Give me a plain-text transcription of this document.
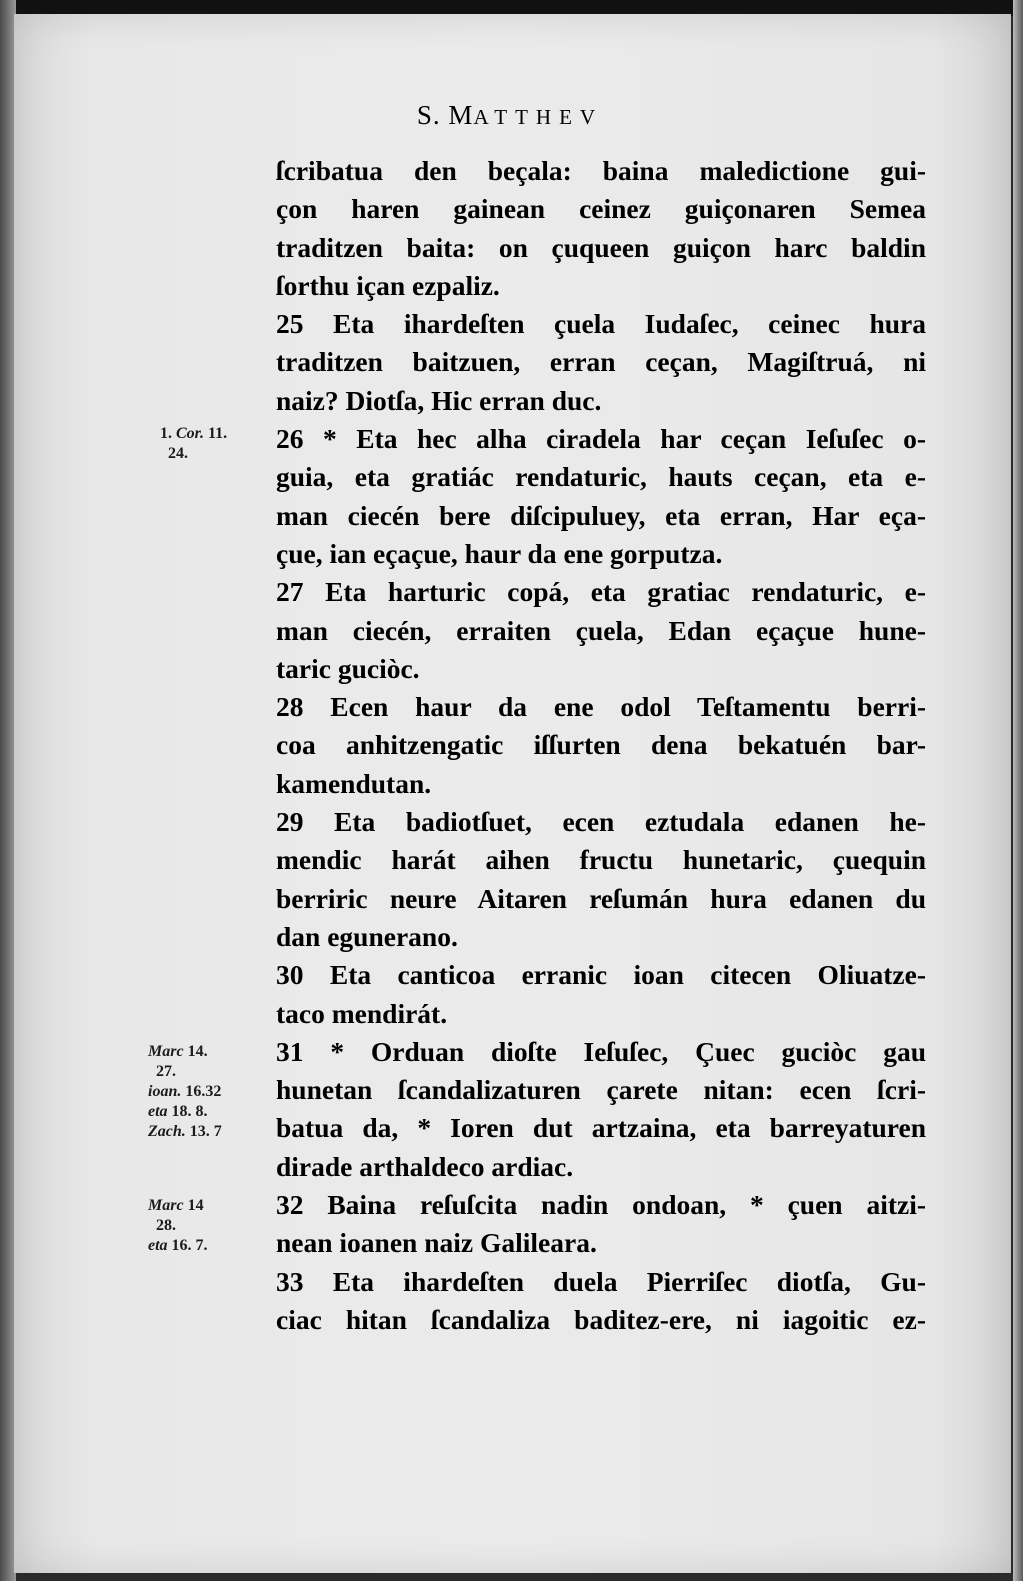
S. MATTHEV
ſcribatua den beçala: baina maledictione gui-
çon haren gainean ceinez guiçonaren Semea
traditzen baita: on çuqueen guiçon harc baldin
ſorthu içan ezpaliz.
25 Eta ihardeſten çuela Iudaſec, ceinec hura
traditzen baitzuen, erran ceçan, Magiſtruá, ni
naiz? Diotſa, Hic erran duc.
26 * Eta hec alha ciradela har ceçan Ieſuſec o-
guia, eta gratiác rendaturic, hauts ceçan, eta e-
man ciecén bere diſcipuluey, eta erran, Har eça-
çue, ian eçaçue, haur da ene gorputza.
27 Eta harturic copá, eta gratiac rendaturic, e-
man ciecén, erraiten çuela, Edan eçaçue hune-
taric guciòc.
28 Ecen haur da ene odol Teſtamentu berri-
coa anhitzengatic iſſurten dena bekatuén bar-
kamendutan.
29 Eta badiotſuet, ecen eztudala edanen he-
mendic harát aihen fructu hunetaric, çuequin
berriric neure Aitaren reſumán hura edanen du
dan egunerano.
30 Eta canticoa erranic ioan citecen Oliuatze-
taco mendirát.
31 * Orduan dioſte Ieſuſec, Çuec guciòc gau
hunetan ſcandalizaturen çarete nitan: ecen ſcri-
batua da, * Ioren dut artzaina, eta barreyaturen
dirade arthaldeco ardiac.
32 Baina reſuſcita nadin ondoan, * çuen aitzi-
nean ioanen naiz Galileara.
33 Eta ihardeſten duela Pierriſec diotſa, Gu-
ciac hitan ſcandaliza baditez-ere, ni iagoitic ez-
1. Cor. 11.
24.
Marc 14.
27.
ioan. 16.32
eta 18. 8.
Zach. 13. 7
Marc 14
28.
eta 16. 7.
